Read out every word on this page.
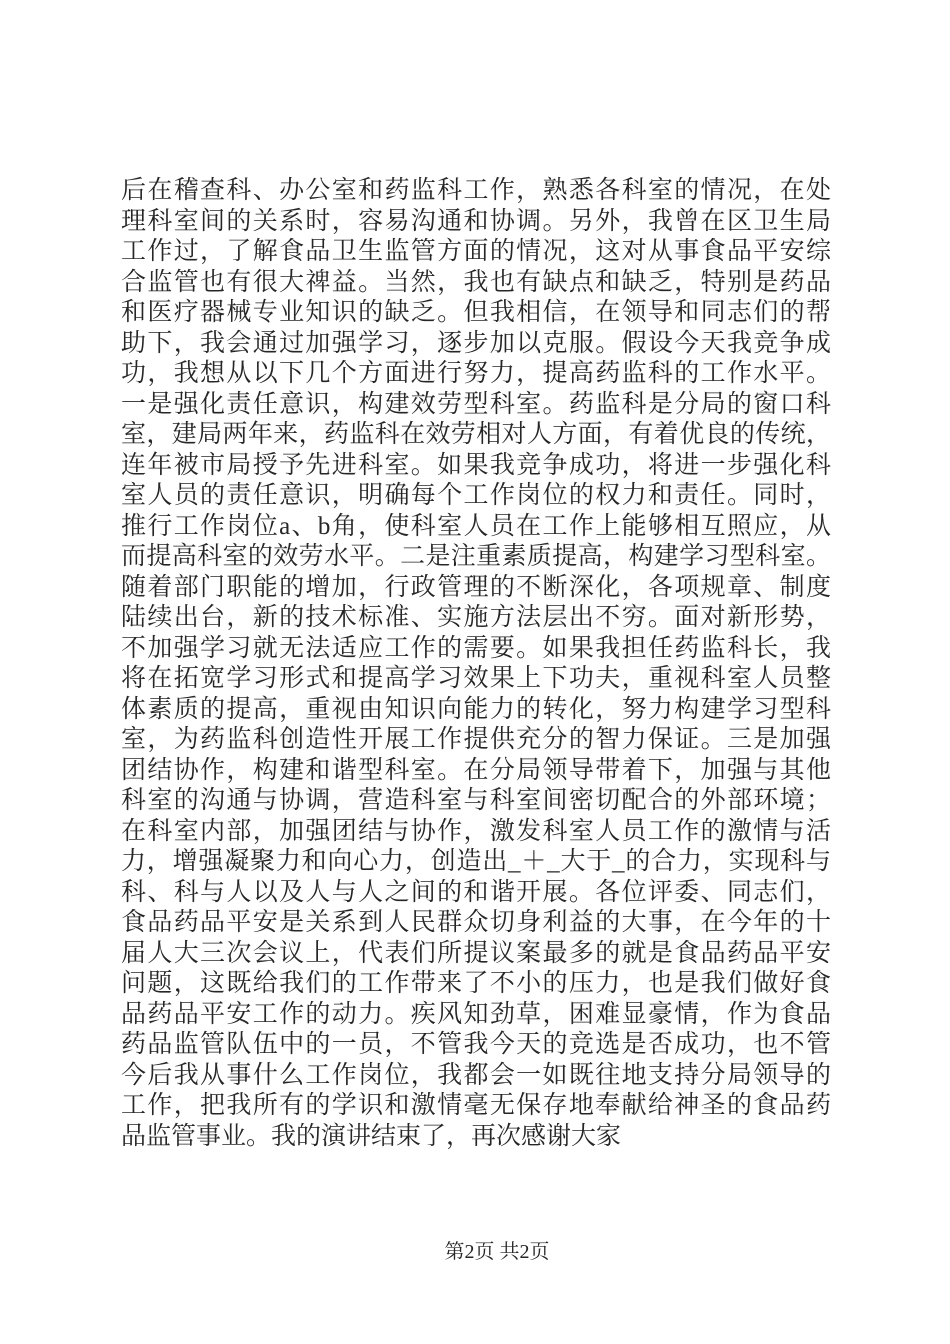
后在稽查科、办公室和药监科工作，熟悉各科室的情况，在处
理科室间的关系时，容易沟通和协调。另外，我曾在区卫生局
工作过，了解食品卫生监管方面的情况，这对从事食品平安综
合监管也有很大禆益。当然，我也有缺点和缺乏，特别是药品
和医疗器械专业知识的缺乏。但我相信，在领导和同志们的帮
助下，我会通过加强学习，逐步加以克服。假设今天我竞争成
功，我想从以下几个方面进行努力，提高药监科的工作水平。
一是强化责任意识，构建效劳型科室。药监科是分局的窗口科
室，建局两年来，药监科在效劳相对人方面，有着优良的传统，
连年被市局授予先进科室。如果我竞争成功，将进一步强化科
室人员的责任意识，明确每个工作岗位的权力和责任。同时，
推行工作岗位a、b角，使科室人员在工作上能够相互照应，从
而提高科室的效劳水平。二是注重素质提高，构建学习型科室。
随着部门职能的增加，行政管理的不断深化，各项规章、制度
陆续出台，新的技术标准、实施方法层出不穷。面对新形势，
不加强学习就无法适应工作的需要。如果我担任药监科长，我
将在拓宽学习形式和提高学习效果上下功夫，重视科室人员整
体素质的提高，重视由知识向能力的转化，努力构建学习型科
室，为药监科创造性开展工作提供充分的智力保证。三是加强
团结协作，构建和谐型科室。在分局领导带着下，加强与其他
科室的沟通与协调，营造科室与科室间密切配合的外部环境；
在科室内部，加强团结与协作，激发科室人员工作的激情与活
力，增强凝聚力和向心力，创造出_＋_大于_的合力，实现科与
科、科与人以及人与人之间的和谐开展。各位评委、同志们，
食品药品平安是关系到人民群众切身利益的大事，在今年的十
届人大三次会议上，代表们所提议案最多的就是食品药品平安
问题，这既给我们的工作带来了不小的压力，也是我们做好食
品药品平安工作的动力。疾风知劲草，困难显豪情，作为食品
药品监管队伍中的一员，不管我今天的竞选是否成功，也不管
今后我从事什么工作岗位，我都会一如既往地支持分局领导的
工作，把我所有的学识和激情毫无保存地奉献给神圣的食品药
品监管事业。我的演讲结束了，再次感谢大家
第2页 共2页
